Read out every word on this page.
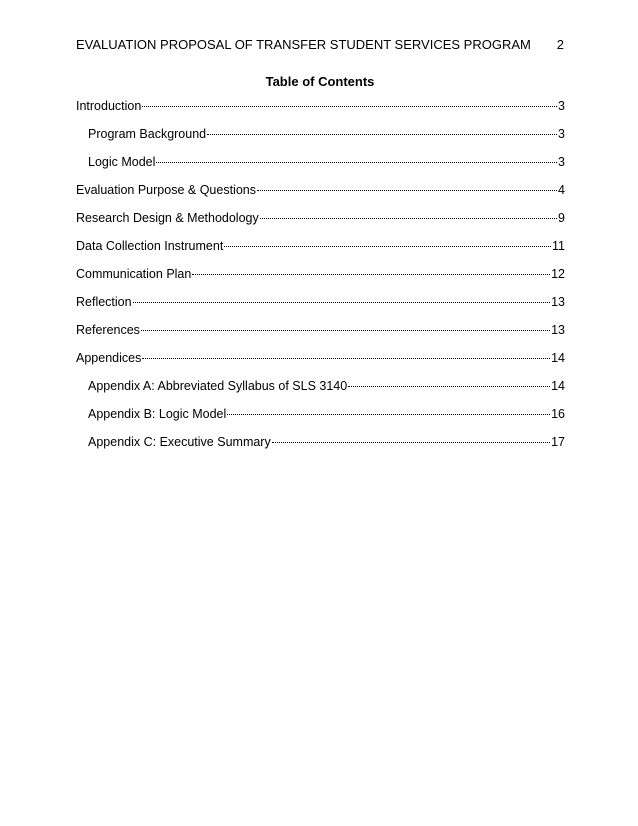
EVALUATION PROPOSAL OF TRANSFER STUDENT SERVICES PROGRAM 2
Table of Contents
Introduction	3
Program Background	3
Logic Model	3
Evaluation Purpose & Questions	4
Research Design & Methodology	9
Data Collection Instrument	11
Communication Plan	12
Reflection	13
References	13
Appendices	14
Appendix A: Abbreviated Syllabus of SLS 3140	14
Appendix B: Logic Model	16
Appendix C: Executive Summary	17
